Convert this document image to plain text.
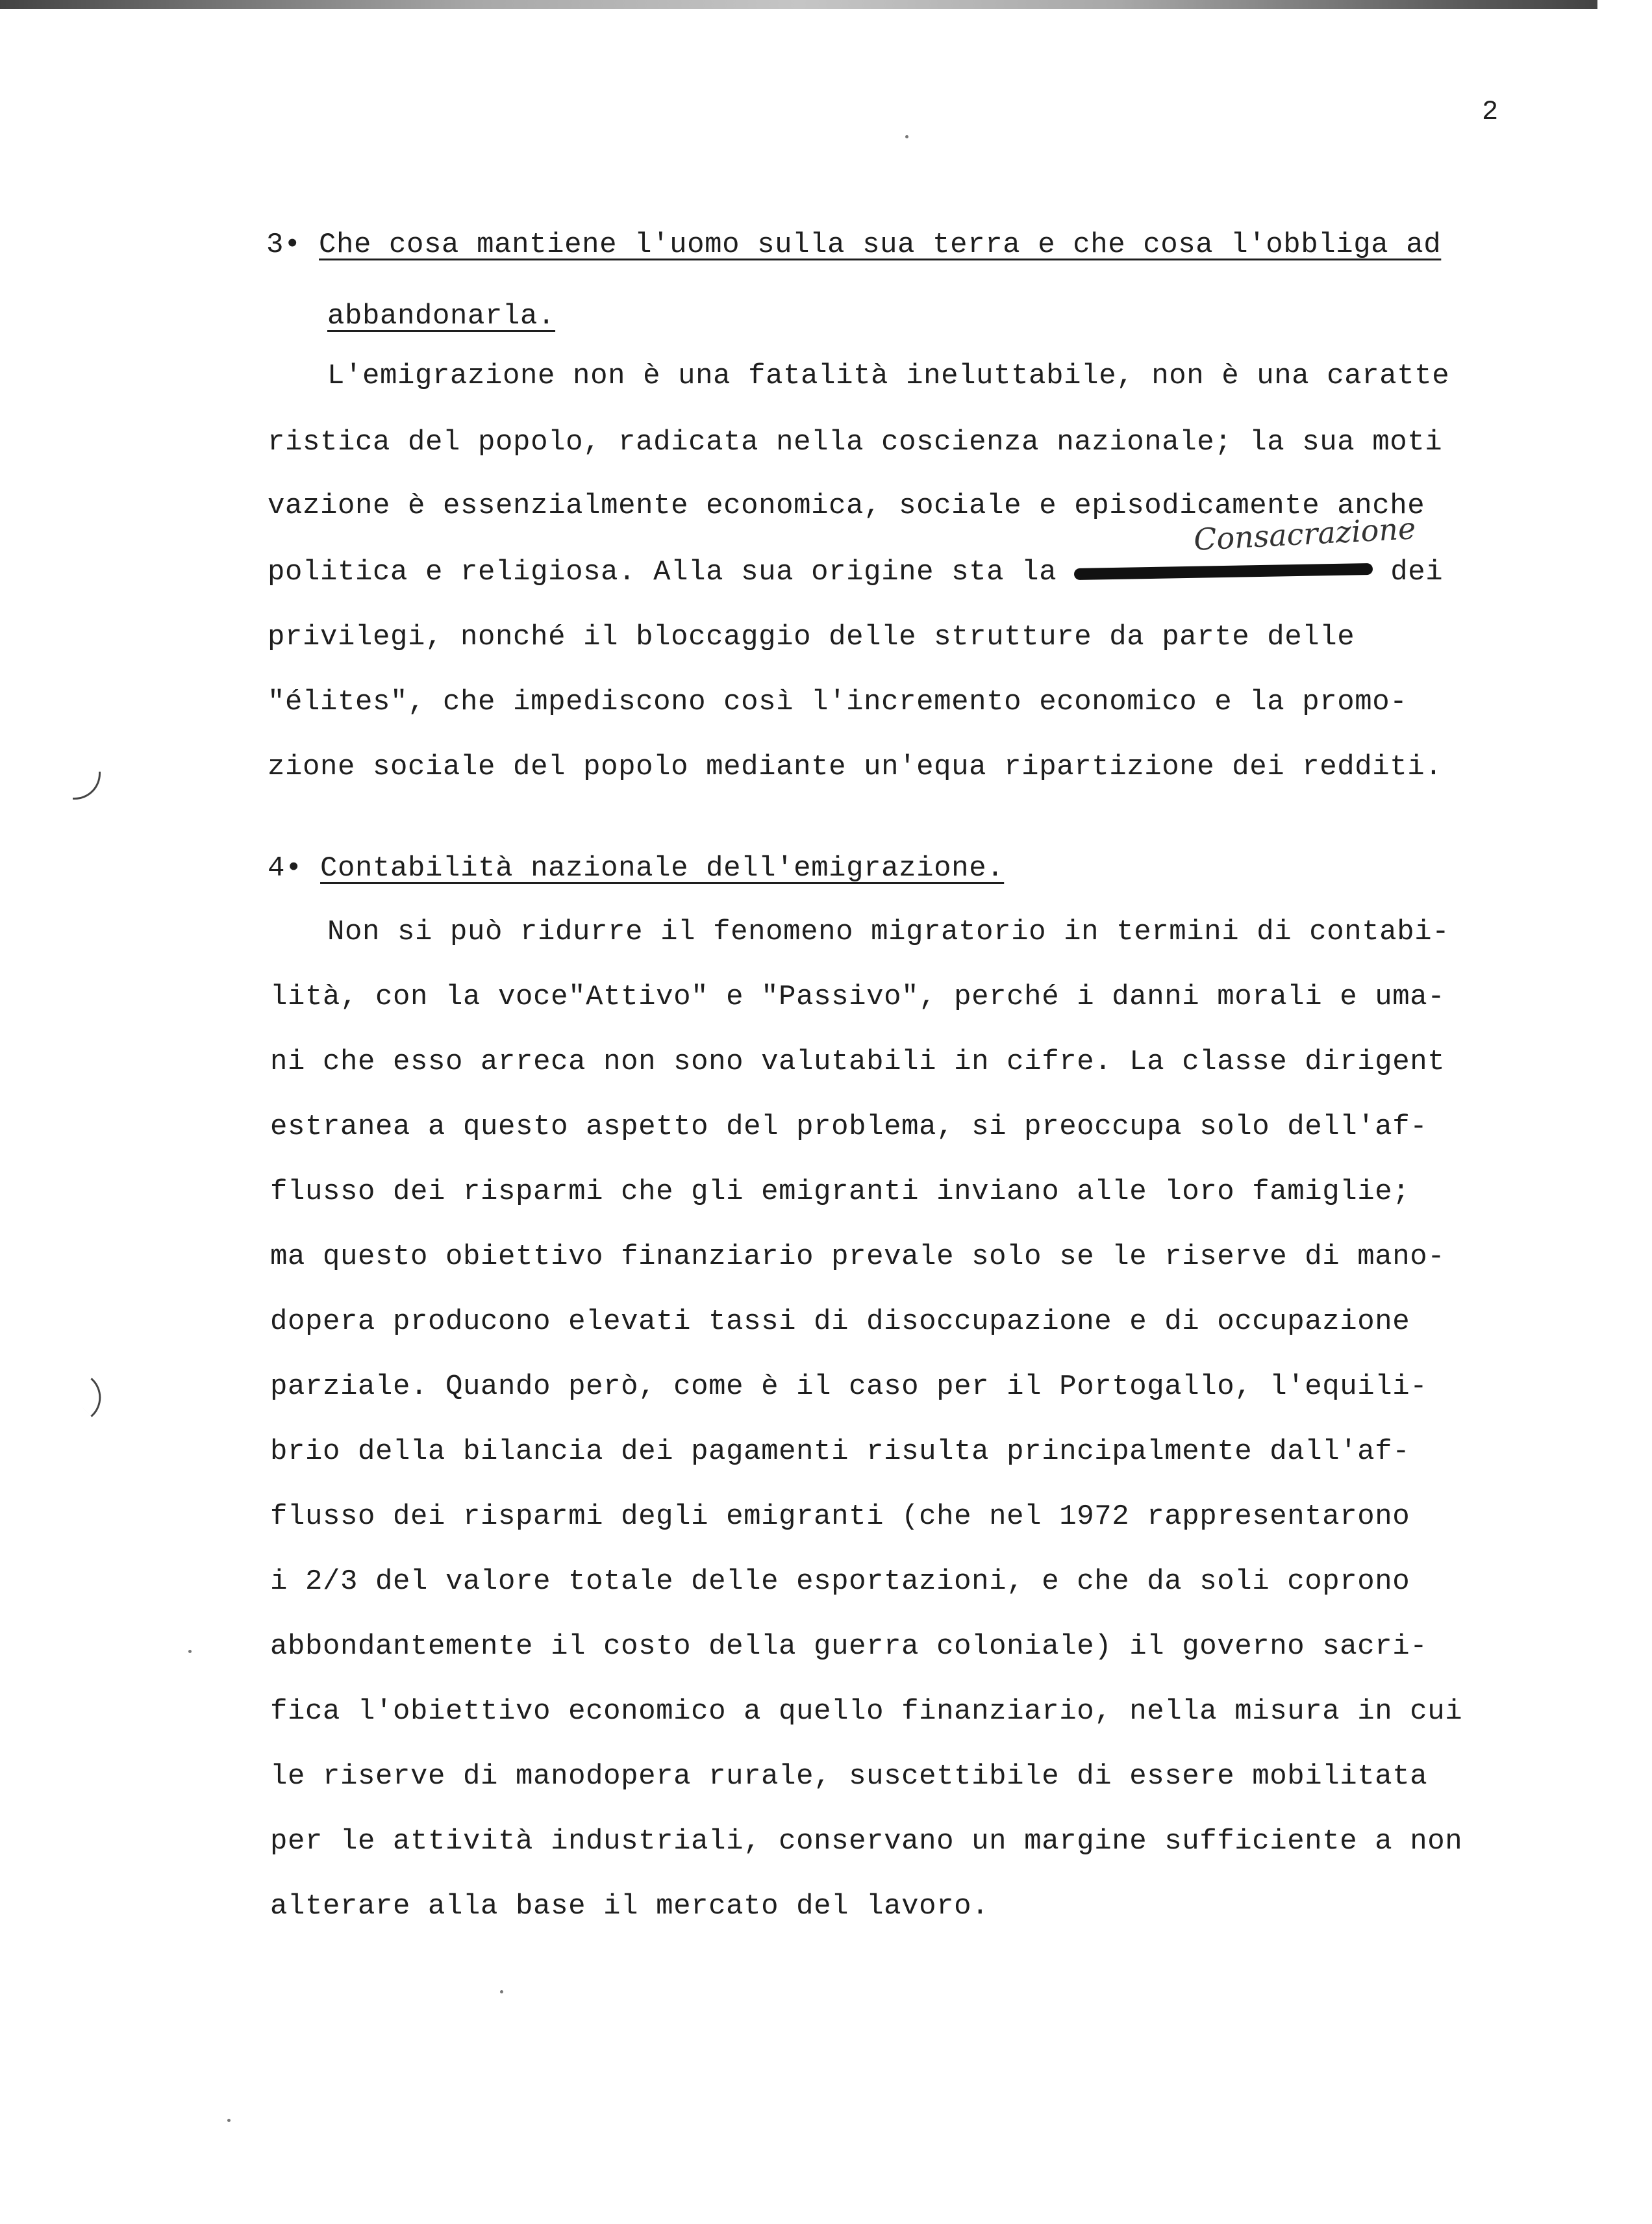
2
3• Che cosa mantiene l'uomo sulla sua terra e che cosa l'obbliga ad
abbandonarla.
L'emigrazione non è una fatalità ineluttabile, non è una caratte
ristica del popolo, radicata nella coscienza nazionale; la sua moti
vazione è essenzialmente economica, sociale e episodicamente anche
Consacrazione
politica e religiosa. Alla sua origine sta la	dei
privilegi, nonché il bloccaggio delle strutture da parte delle
"élites", che impediscono così l'incremento economico e la promo-
zione sociale del popolo mediante un'equa ripartizione dei redditi.
4• Contabilità nazionale dell'emigrazione.
Non si può ridurre il fenomeno migratorio in termini di contabi-
lità, con la voce"Attivo" e "Passivo", perché i danni morali e uma-
ni che esso arreca non sono valutabili in cifre. La classe dirigent
estranea a questo aspetto del problema, si preoccupa solo dell'af-
flusso dei risparmi che gli emigranti inviano alle loro famiglie;
ma questo obiettivo finanziario prevale solo se le riserve di mano-
dopera producono elevati tassi di disoccupazione e di occupazione
parziale. Quando però, come è il caso per il Portogallo, l'equili-
brio della bilancia dei pagamenti risulta principalmente dall'af-
flusso dei risparmi degli emigranti (che nel 1972 rappresentarono
i 2/3 del valore totale delle esportazioni, e che da soli coprono
abbondantemente il costo della guerra coloniale) il governo sacri-
fica l'obiettivo economico a quello finanziario, nella misura in cui
le riserve di manodopera rurale, suscettibile di essere mobilitata
per le attività industriali, conservano un margine sufficiente a non
alterare alla base il mercato del lavoro.
